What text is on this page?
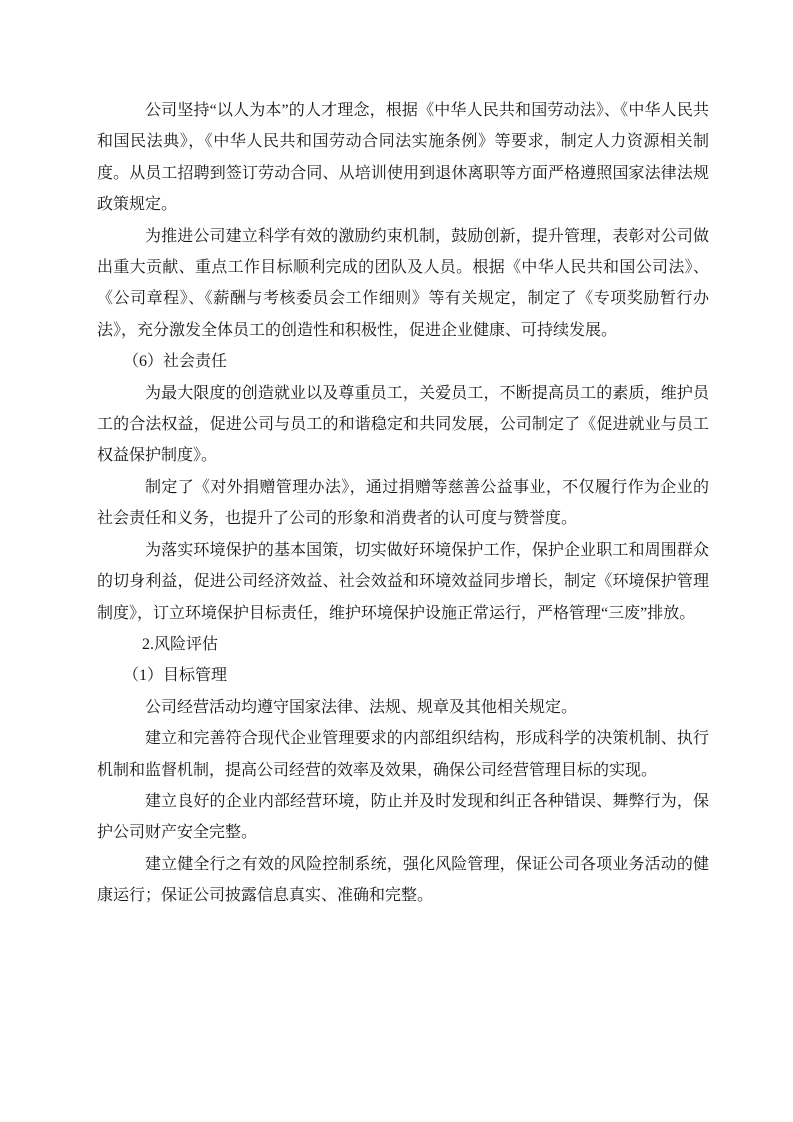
公司坚持“以人为本”的人才理念，根据《中华人民共和国劳动法》、《中华人民共和国民法典》，《中华人民共和国劳动合同法实施条例》等要求，制定人力资源相关制度。从员工招聘到签订劳动合同、从培训使用到退休离职等方面严格遵照国家法律法规政策规定。

为推进公司建立科学有效的激励约束机制，鼓励创新，提升管理，表彰对公司做出重大贡献、重点工作目标顺利完成的团队及人员。根据《中华人民共和国公司法》、《公司章程》、《薪酬与考核委员会工作细则》等有关规定，制定了《专项奖励暂行办法》，充分激发全体员工的创造性和积极性，促进企业健康、可持续发展。

（6）社会责任

为最大限度的创造就业以及尊重员工，关爱员工，不断提高员工的素质，维护员工的合法权益，促进公司与员工的和谐稳定和共同发展，公司制定了《促进就业与员工权益保护制度》。

制定了《对外捐赠管理办法》，通过捐赠等慈善公益事业，不仅履行作为企业的社会责任和义务，也提升了公司的形象和消费者的认可度与赞誉度。

为落实环境保护的基本国策，切实做好环境保护工作，保护企业职工和周围群众的切身利益，促进公司经济效益、社会效益和环境效益同步增长，制定《环境保护管理制度》，订立环境保护目标责任，维护环境保护设施正常运行，严格管理“三废”排放。

2.风险评估

（1）目标管理

公司经营活动均遵守国家法律、法规、规章及其他相关规定。

建立和完善符合现代企业管理要求的内部组织结构，形成科学的决策机制、执行机制和监督机制，提高公司经营的效率及效果，确保公司经营管理目标的实现。

建立良好的企业内部经营环境，防止并及时发现和纠正各种错误、舞弊行为，保护公司财产安全完整。

建立健全行之有效的风险控制系统，强化风险管理，保证公司各项业务活动的健康运行；保证公司披露信息真实、准确和完整。
